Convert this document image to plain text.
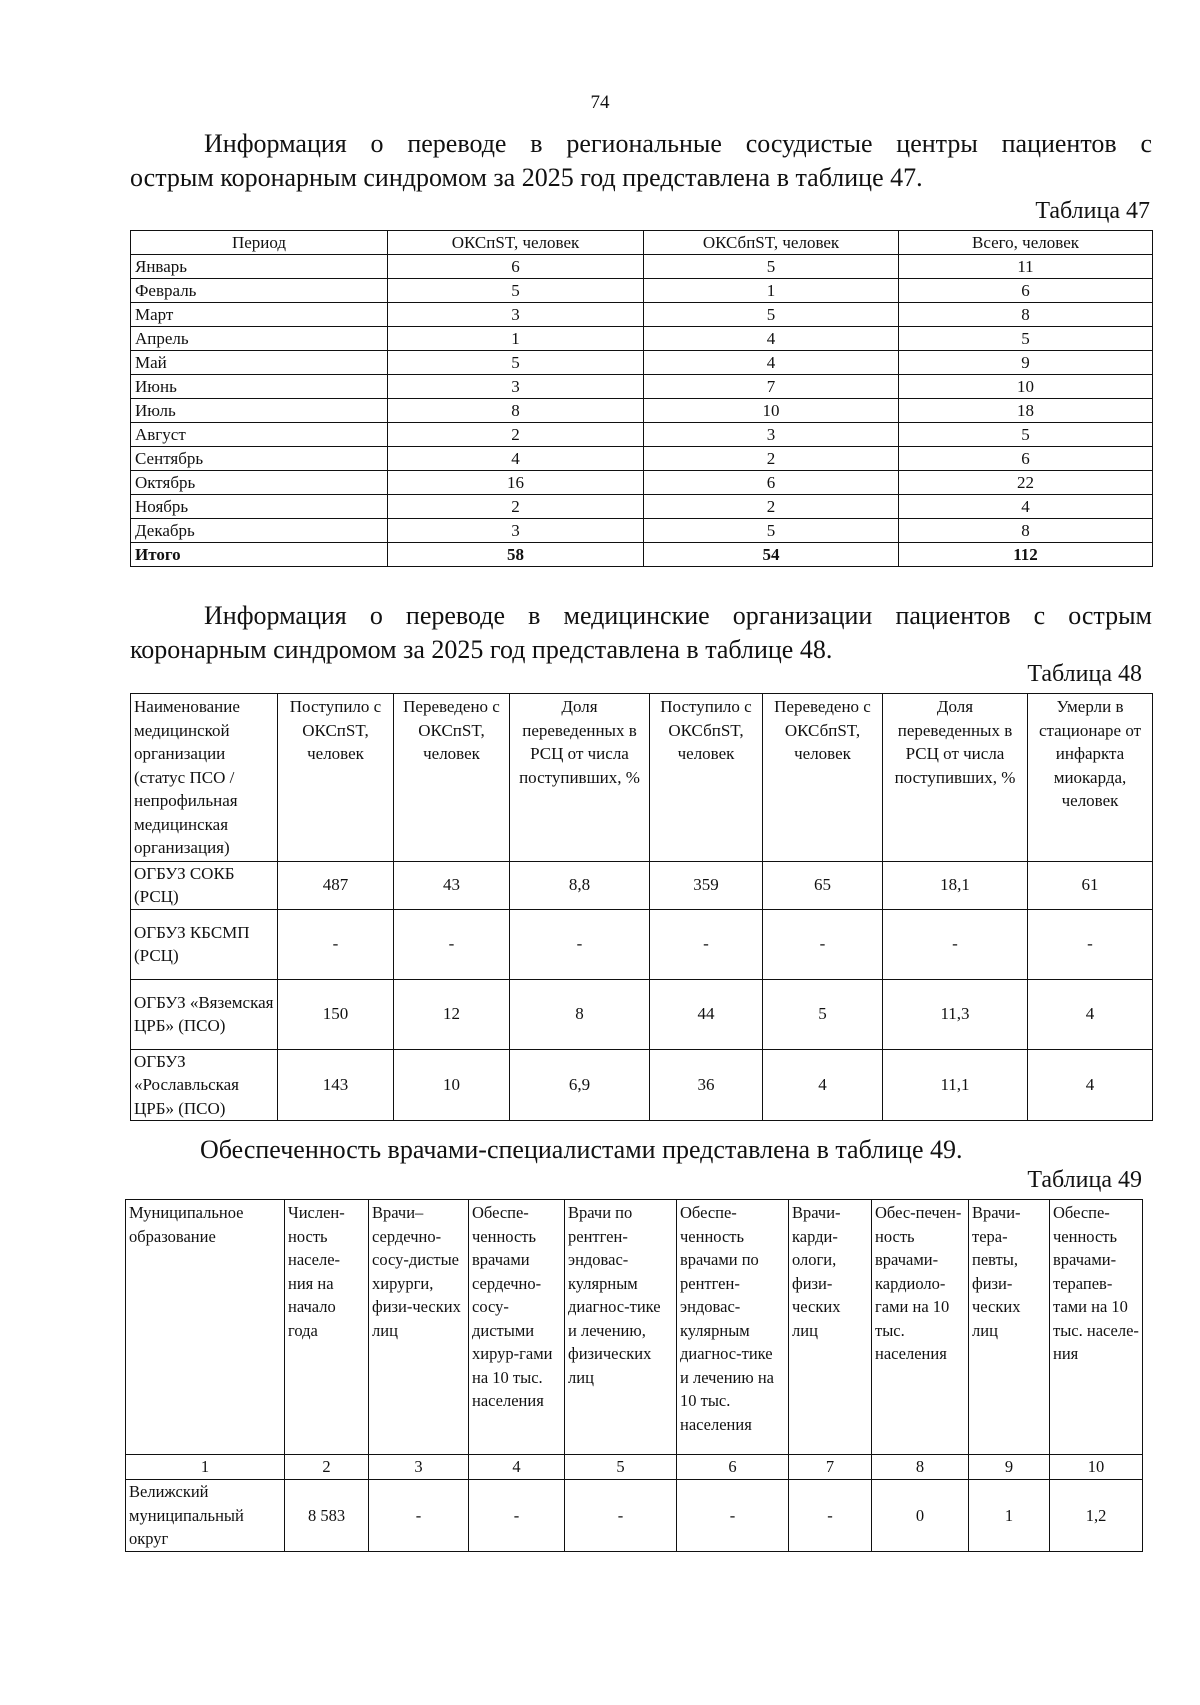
74
Информация о переводе в региональные сосудистые центры пациентов с
острым коронарным синдромом за 2025 год представлена в таблице 47.
Таблица 47
Период	ОКСпST, человек	ОКСбпST, человек	Всего, человек
Январь	6	5	11
Февраль	5	1	6
Март	3	5	8
Апрель	1	4	5
Май	5	4	9
Июнь	3	7	10
Июль	8	10	18
Август	2	3	5
Сентябрь	4	2	6
Октябрь	16	6	22
Ноябрь	2	2	4
Декабрь	3	5	8
Итого	58	54	112
Информация о переводе в медицинские организации пациентов с острым
коронарным синдромом за 2025 год представлена в таблице 48.
Таблица 48
Наименование медицинской организации (статус ПСО / непрофильная медицинская организация)	Поступило с ОКСпST, человек	Переведено с ОКСпST, человек	Доля переведенных в РСЦ от числа поступивших, %	Поступило с ОКСбпST, человек	Переведено с ОКСбпST, человек	Доля переведенных в РСЦ от числа поступивших, %	Умерли в стационаре от инфаркта миокарда, человек
ОГБУЗ СОКБ (РСЦ)	487	43	8,8	359	65	18,1	61
ОГБУЗ КБСМП (РСЦ)	-	-	-	-	-	-	-
ОГБУЗ «Вяземская ЦРБ» (ПСО)	150	12	8	44	5	11,3	4
ОГБУЗ «Рославльская ЦРБ» (ПСО)	143	10	6,9	36	4	11,1	4
Обеспеченность врачами-специалистами представлена в таблице 49.
Таблица 49
Муниципальное образование	Числен-ность населе-ния на начало года	Врачи–сердечно-сосу-дистые хирурги, физи-ческих лиц	Обеспе-ченность врачами сердечно-сосу-дистыми хирур-гами на 10 тыс. населения	Врачи по рентген-эндовас-кулярным диагнос-тике и лечению, физических лиц	Обеспе-ченность врачами по рентген-эндовас-кулярным диагнос-тике и лечению на 10 тыс. населения	Врачи-карди-ологи, физи-ческих лиц	Обес-печен-ность врачами-кардиоло-гами на 10 тыс. населения	Врачи-тера-певты, физи-ческих лиц	Обеспе-ченность врачами-терапев-тами на 10 тыс. населе-ния
1	2	3	4	5	6	7	8	9	10
Велижский муниципальный округ	8 583	-	-	-	-	-	0	1	1,2
